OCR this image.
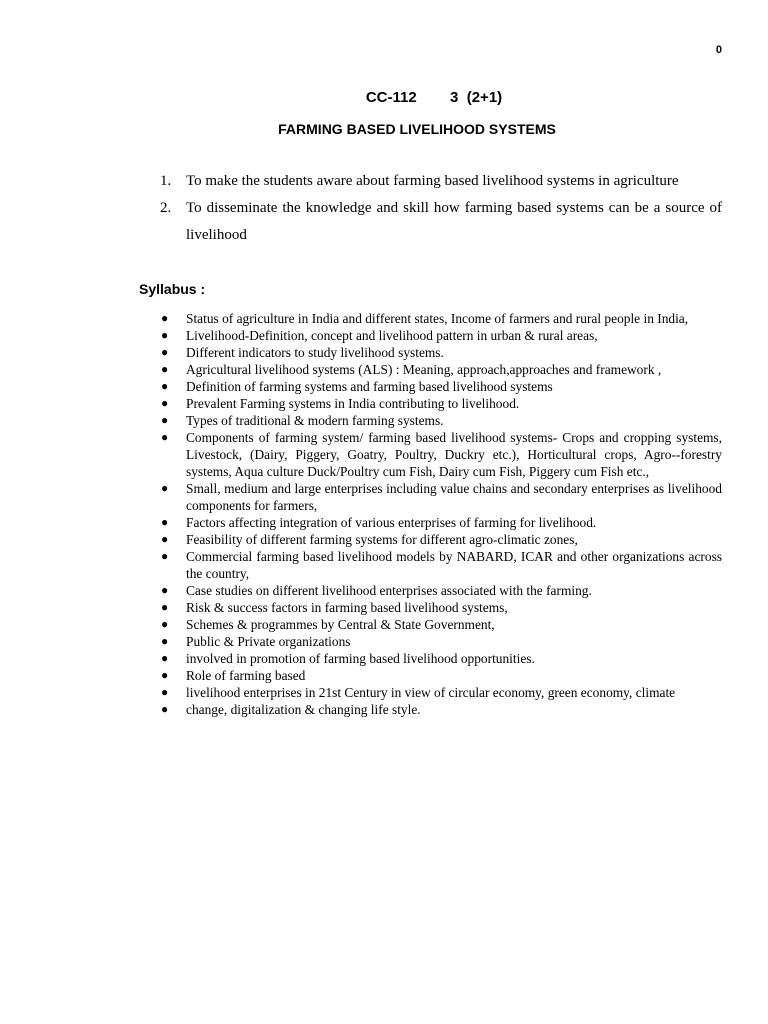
0
CC-112        3  (2+1)
FARMING BASED LIVELIHOOD SYSTEMS
1. To make the students aware about farming based livelihood systems in agriculture
2. To disseminate the knowledge and skill how farming based systems can be a source of livelihood
Syllabus :
● Status of agriculture in India and different states, Income of farmers and rural people in India,
● Livelihood-Definition, concept and livelihood pattern in urban & rural areas,
● Different indicators to study livelihood systems.
● Agricultural livelihood systems (ALS) : Meaning, approach,approaches and framework ,
● Definition of farming systems and farming based livelihood systems
● Prevalent Farming systems in India contributing to livelihood.
● Types of traditional & modern farming systems.
● Components of farming system/ farming based livelihood systems- Crops and cropping systems, Livestock, (Dairy, Piggery, Goatry, Poultry, Duckry etc.), Horticultural crops, Agro--forestry systems, Aqua culture Duck/Poultry cum Fish, Dairy cum Fish, Piggery cum Fish etc.,
● Small, medium and large enterprises including value chains and secondary enterprises as livelihood components for farmers,
● Factors affecting integration of various enterprises of farming for livelihood.
● Feasibility of different farming systems for different agro-climatic zones,
● Commercial farming based livelihood models by NABARD, ICAR and other organizations across the country,
● Case studies on different livelihood enterprises associated with the farming.
● Risk & success factors in farming based livelihood systems,
● Schemes & programmes by Central & State Government,
● Public & Private organizations
● involved in promotion of farming based livelihood opportunities.
● Role of farming based
● livelihood enterprises in 21st Century in view of circular economy, green economy, climate
● change, digitalization & changing life style.
